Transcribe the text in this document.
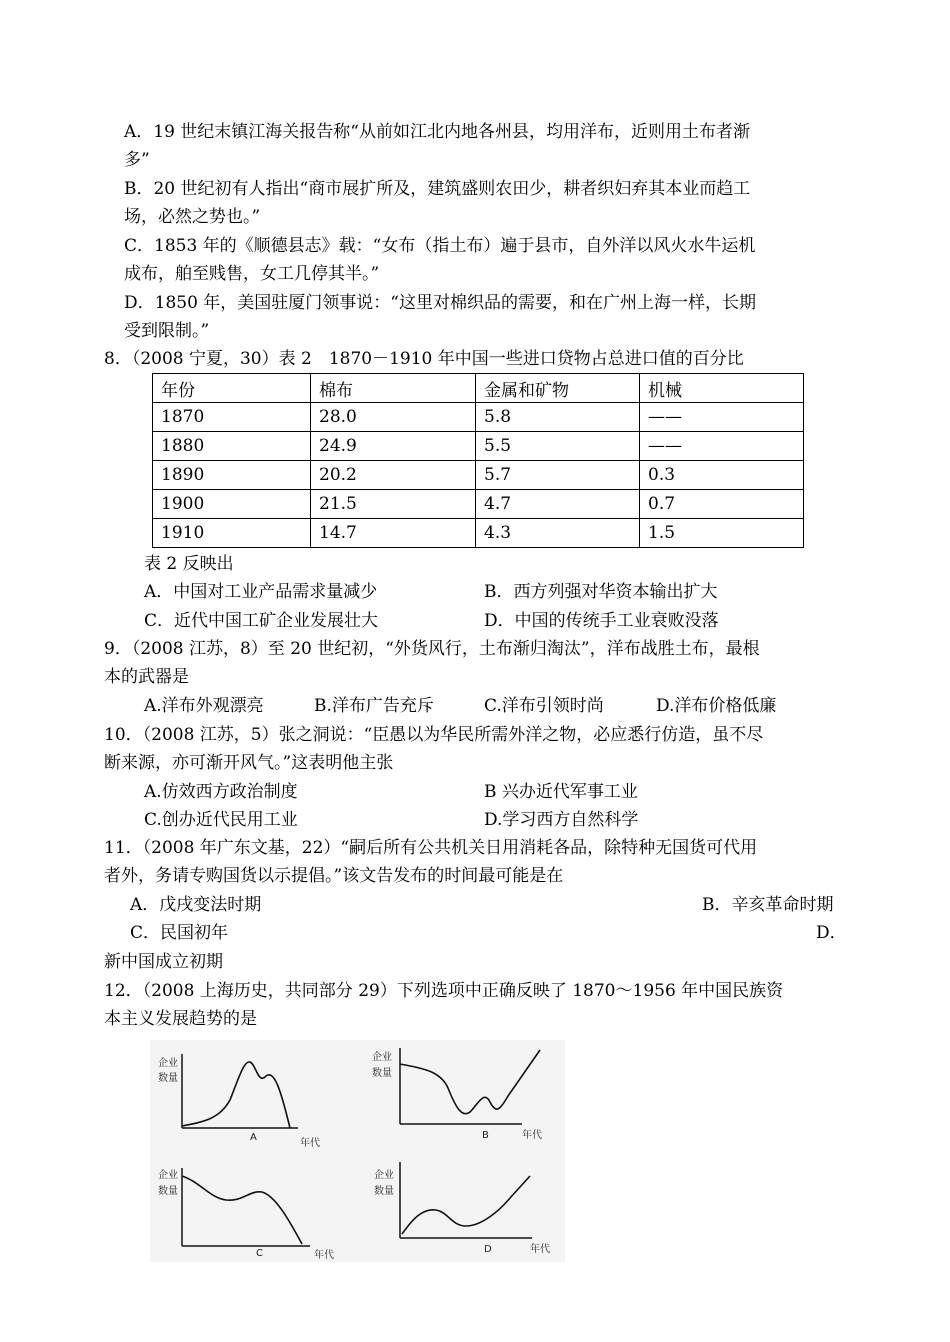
A．19 世纪末镇江海关报告称“从前如江北内地各州县，均用洋布，近则用土布者渐
多”
B．20 世纪初有人指出“商市展扩所及，建筑盛则农田少，耕者织妇弃其本业而趋工
场，必然之势也。”
C．1853 年的《顺德县志》载：“女布（指土布）遍于县市，自外洋以风火水牛运机
成布，舶至贱售，女工几停其半。”
D．1850 年，美国驻厦门领事说：“这里对棉织品的需要，和在广州上海一样，长期
受到限制。”
8．（2008 宁夏，30）表 2　1870－1910 年中国一些进口贷物占总进口值的百分比
年份	棉布	金属和矿物	机械
1870	28.0	5.8	——
1880	24.9	5.5	——
1890	20.2	5.7	0.3
1900	21.5	4.7	0.7
1910	14.7	4.3	1.5
表 2 反映出
A．中国对工业产品需求量减少	B．西方列强对华资本输出扩大
C．近代中国工矿企业发展壮大	D．中国的传统手工业衰败没落
9．（2008 江苏，8）至 20 世纪初，“外货风行，土布渐归淘汰”，洋布战胜土布，最根
本的武器是
A.洋布外观漂亮	B.洋布广告充斥	C.洋布引领时尚	D.洋布价格低廉
10．（2008 江苏，5）张之洞说：“臣愚以为华民所需外洋之物，必应悉行仿造，虽不尽
断来源，亦可渐开风气。”这表明他主张
A.仿效西方政治制度	B 兴办近代军事工业
C.创办近代民用工业	D.学习西方自然科学
11．（2008 年广东文基，22）“嗣后所有公共机关日用消耗各品，除特种无国货可代用
者外，务请专购国货以示提倡。”该文告发布的时间最可能是在
A．戊戌变法时期	B．辛亥革命时期
C．民国初年	D．
新中国成立初期
12．（2008 上海历史，共同部分 29）下列选项中正确反映了 1870～1956 年中国民族资
本主义发展趋势的是
企业
数量
A
年代
企业
数量
B	年代
企业
数量
C	年代
企业
数量
D	年代
